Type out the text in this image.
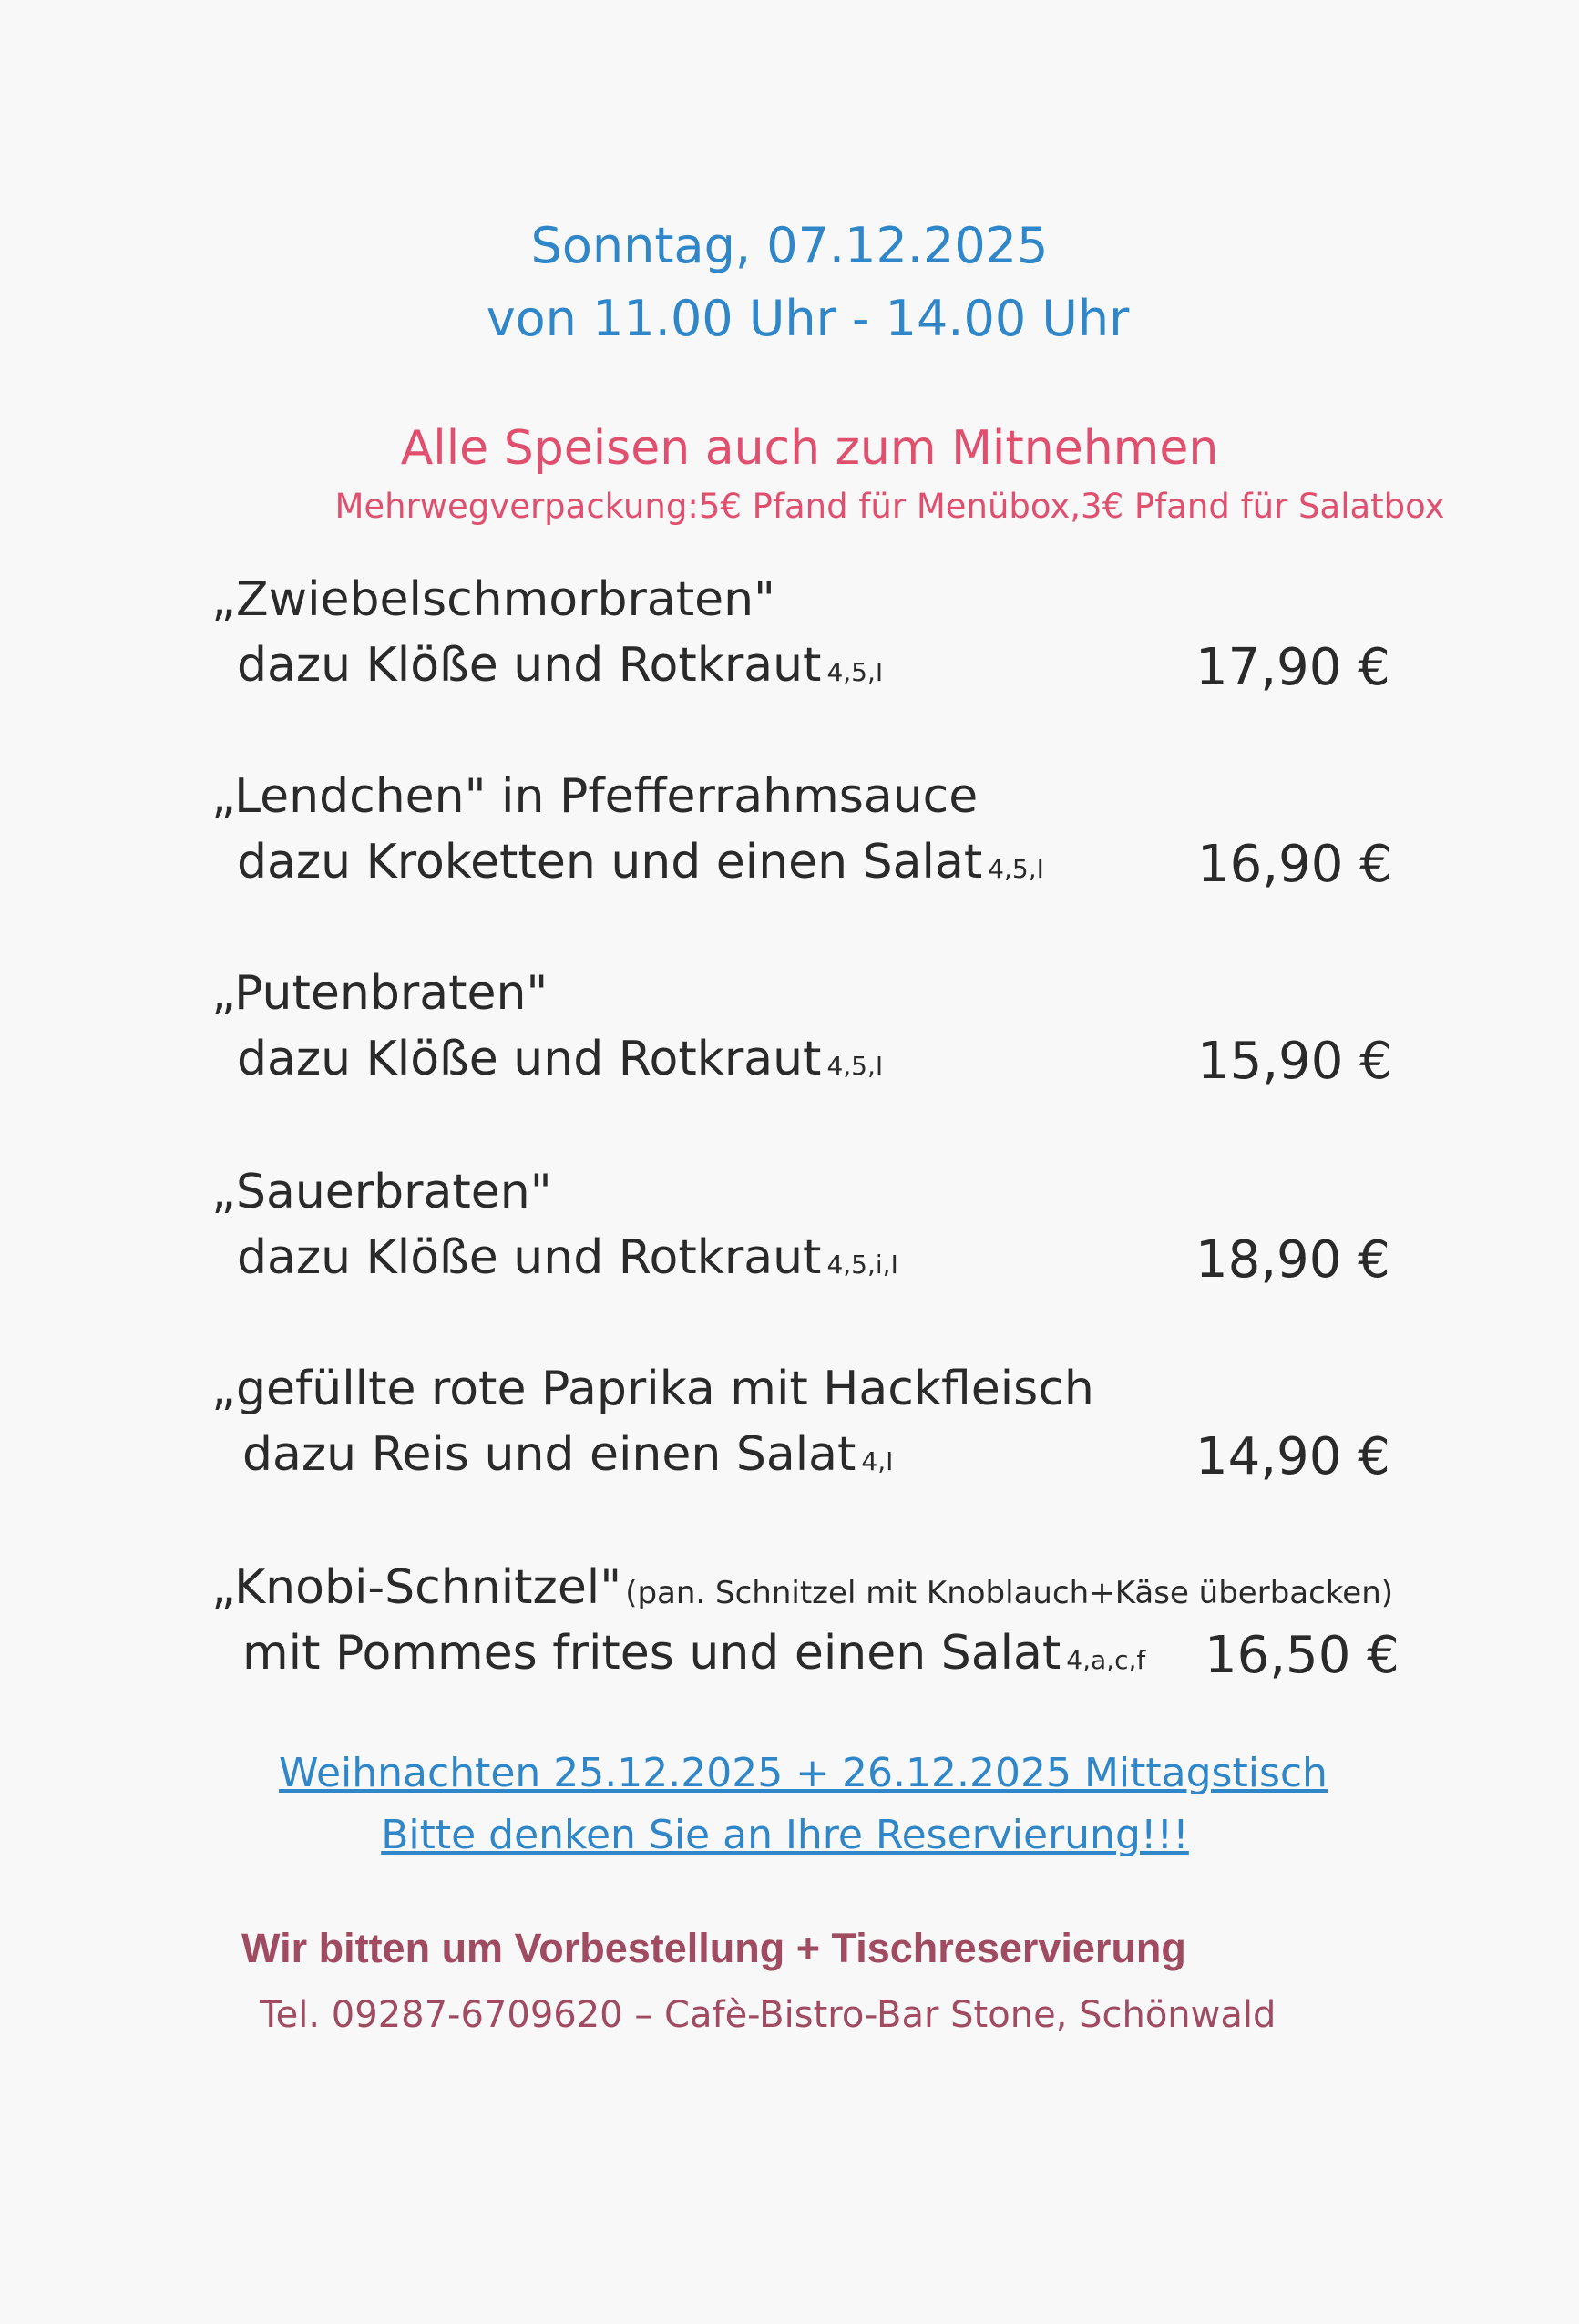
Sonntag, 07.12.2025
von 11.00 Uhr - 14.00 Uhr
Alle Speisen auch zum Mitnehmen
Mehrwegverpackung:5€ Pfand für Menübox,3€ Pfand für Salatbox
„Zwiebelschmorbraten"
dazu Klöße und Rotkraut 4,5,I	17,90 €
„Lendchen" in Pfefferrahmsauce
dazu Kroketten und einen Salat 4,5,I	16,90 €
„Putenbraten"
dazu Klöße und Rotkraut 4,5,I	15,90 €
„Sauerbraten"
dazu Klöße und Rotkraut 4,5,i,I	18,90 €
„gefüllte rote Paprika mit Hackfleisch
dazu Reis und einen Salat 4,I	14,90 €
„Knobi-Schnitzel" (pan. Schnitzel mit Knoblauch+Käse überbacken)
mit Pommes frites und einen Salat 4,a,c,f 16,50 €
Weihnachten 25.12.2025 + 26.12.2025 Mittagstisch
Bitte denken Sie an Ihre Reservierung!!!
Wir bitten um Vorbestellung + Tischreservierung
Tel. 09287-6709620 – Cafè-Bistro-Bar Stone, Schönwald
